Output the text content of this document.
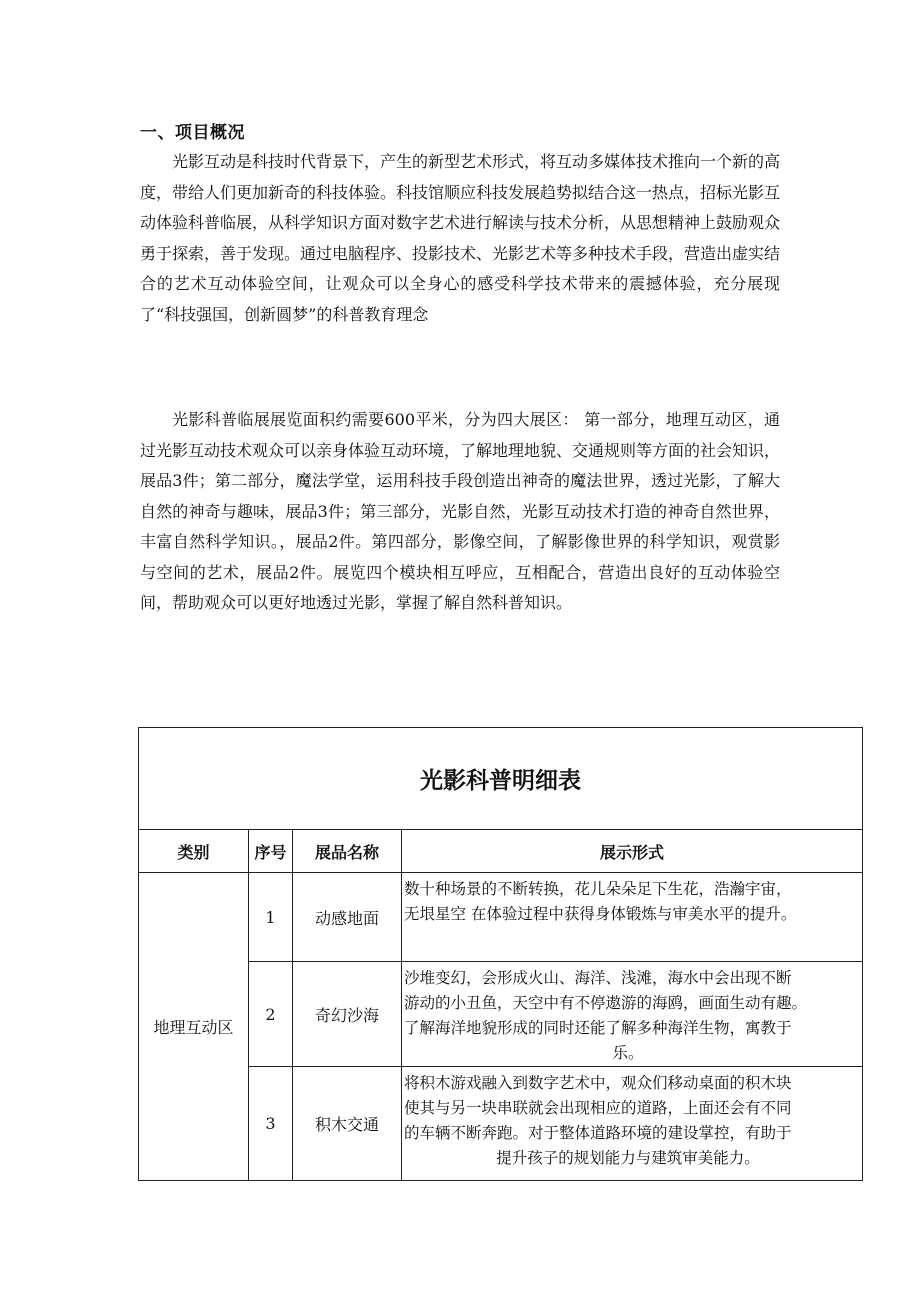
一、项目概况

光影互动是科技时代背景下，产生的新型艺术形式，将互动多媒体技术推向一个新的高度，带给人们更加新奇的科技体验。科技馆顺应科技发展趋势拟结合这一热点，招标光影互动体验科普临展，从科学知识方面对数字艺术进行解读与技术分析，从思想精神上鼓励观众勇于探索，善于发现。通过电脑程序、投影技术、光影艺术等多种技术手段，营造出虚实结合的艺术互动体验空间，让观众可以全身心的感受科学技术带来的震撼体验，充分展现了“科技强国，创新圆梦”的科普教育理念

光影科普临展展览面积约需要600平米，分为四大展区： 第一部分，地理互动区，通过光影互动技术观众可以亲身体验互动环境，了解地理地貌、交通规则等方面的社会知识，展品3件；第二部分，魔法学堂，运用科技手段创造出神奇的魔法世界，透过光影，了解大自然的神奇与趣味，展品3件；第三部分，光影自然，光影互动技术打造的神奇自然世界，丰富自然科学知识。，展品2件。第四部分，影像空间，了解影像世界的科学知识，观赏影与空间的艺术，展品2件。展览四个模块相互呼应，互相配合，营造出良好的互动体验空间，帮助观众可以更好地透过光影，掌握了解自然科普知识。

光影科普明细表			
类别	序号	展品名称	展示形式
地理互动区	1	动感地面	数十种场景的不断转换，花儿朵朵足下生花，浩瀚宇宙，
无垠星空 在体验过程中获得身体锻炼与审美水平的提升。

	2	奇幻沙海	沙堆变幻，会形成火山、海洋、浅滩，海水中会出现不断
游动的小丑鱼，天空中有不停遨游的海鸥，画面生动有趣。
了解海洋地貌形成的同时还能了解多种海洋生物，寓教于
乐。

	3	积木交通	将积木游戏融入到数字艺术中，观众们移动桌面的积木块
使其与另一块串联就会出现相应的道路，上面还会有不同
的车辆不断奔跑。对于整体道路环境的建设掌控，有助于
提升孩子的规划能力与建筑审美能力。
